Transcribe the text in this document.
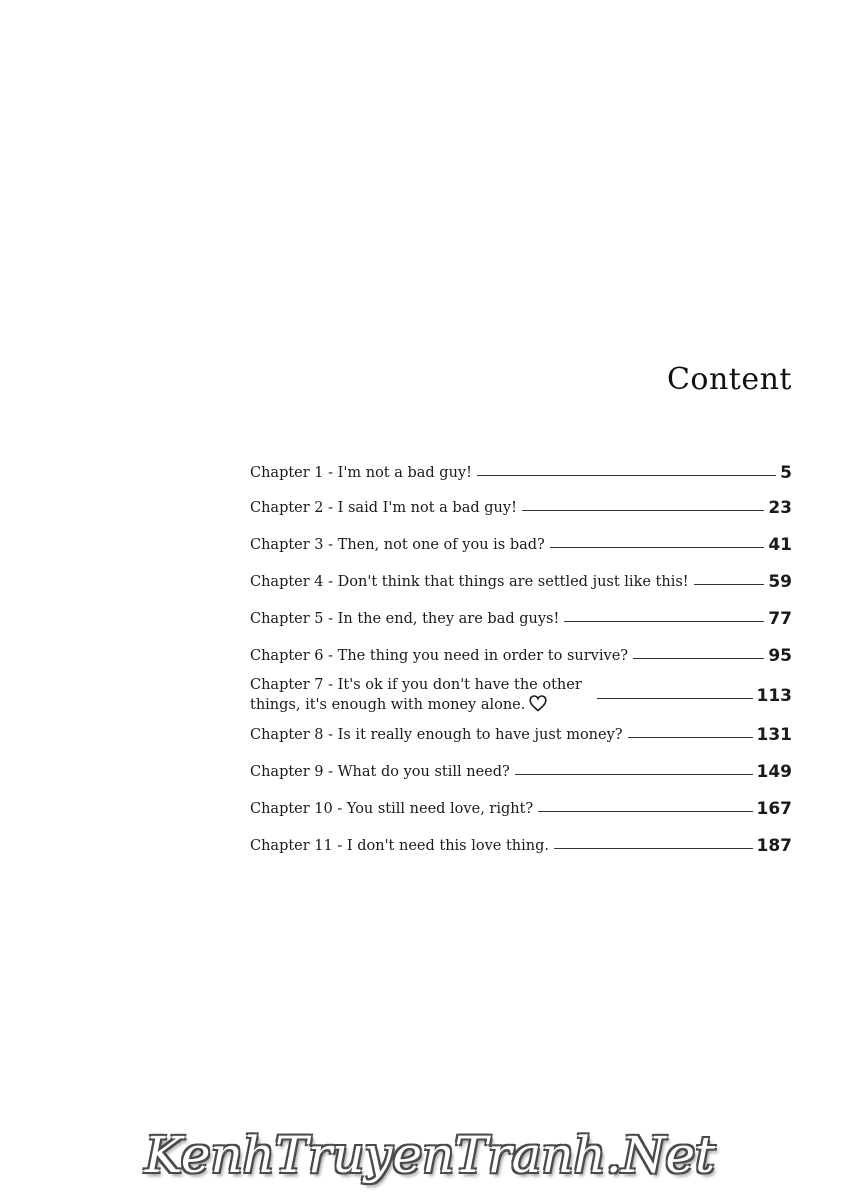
Content
Chapter 1 - I'm not a bad guy!	5
Chapter 2 - I said I'm not a bad guy!	23
Chapter 3 - Then, not one of you is bad?	41
Chapter 4 - Don't think that things are settled just like this!	59
Chapter 5 - In the end, they are bad guys!	77
Chapter 6 - The thing you need in order to survive?	95
Chapter 7 - It's ok if you don't have the other
things, it's enough with money alone.	113
Chapter 8 - Is it really enough to have just money?	131
Chapter 9 - What do you still need?	149
Chapter 10 - You still need love, right?	167
Chapter 11 - I don't need this love thing.	187
KenhTruyenTranh.Net
